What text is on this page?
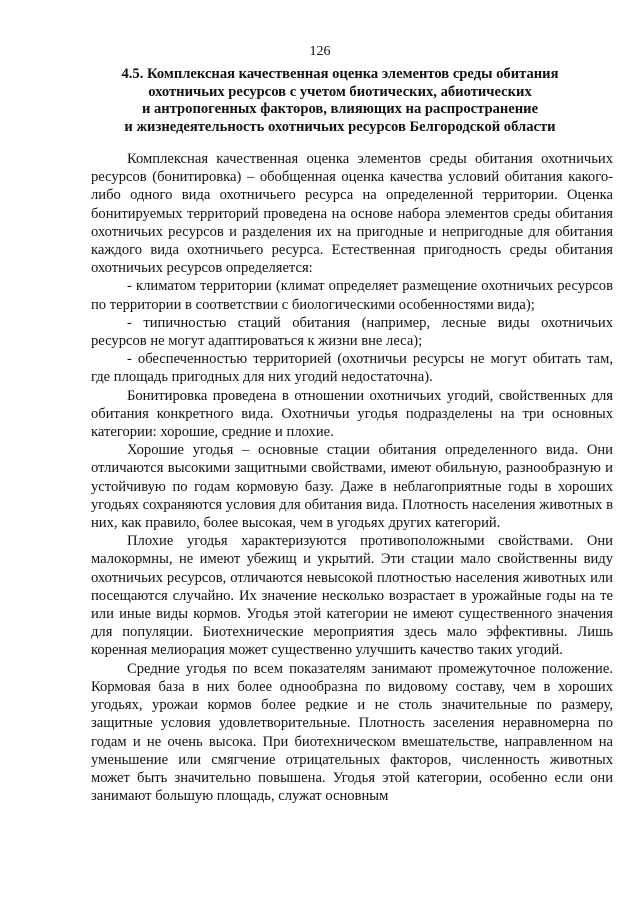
126
4.5. Комплексная качественная оценка элементов среды обитания
охотничьих ресурсов с учетом биотических, абиотических
и антропогенных факторов, влияющих на распространение
и жизнедеятельность охотничьих ресурсов Белгородской области

Комплексная качественная оценка элементов среды обитания охотничьих ресурсов (бонитировка) – обобщенная оценка качества условий обитания какого-либо одного вида охотничьего ресурса на определенной территории. Оценка бонитируемых территорий проведена на основе набора элементов среды обитания охотничьих ресурсов и разделения их на пригодные и непригодные для обитания каждого вида охотничьего ресурса. Естественная пригодность среды обитания охотничьих ресурсов определяется:

- климатом территории (климат определяет размещение охотничьих ресурсов по территории в соответствии с биологическими особенностями вида);

- типичностью стаций обитания (например, лесные виды охотничьих ресурсов не могут адаптироваться к жизни вне леса);

- обеспеченностью территорией (охотничьи ресурсы не могут обитать там, где площадь пригодных для них угодий недостаточна).

Бонитировка проведена в отношении охотничьих угодий, свойственных для обитания конкретного вида. Охотничьи угодья подразделены на три основных категории: хорошие, средние и плохие.

Хорошие угодья – основные стации обитания определенного вида. Они отличаются высокими защитными свойствами, имеют обильную, разнообразную и устойчивую по годам кормовую базу. Даже в неблагоприятные годы в хороших угодьях сохраняются условия для обитания вида. Плотность населения животных в них, как правило, более высокая, чем в угодьях других категорий.

Плохие угодья характеризуются противоположными свойствами. Они малокормны, не имеют убежищ и укрытий. Эти стации мало свойственны виду охотничьих ресурсов, отличаются невысокой плотностью населения животных или посещаются случайно. Их значение несколько возрастает в урожайные годы на те или иные виды кормов. Угодья этой категории не имеют существенного значения для популяции. Биотехнические мероприятия здесь мало эффективны. Лишь коренная мелиорация может существенно улучшить качество таких угодий.

Средние угодья по всем показателям занимают промежуточное положение. Кормовая база в них более однообразна по видовому составу, чем в хороших угодьях, урожаи кормов более редкие и не столь значительные по размеру, защитные условия удовлетворительные. Плотность заселения неравномерна по годам и не очень высока. При биотехническом вмешательстве, направленном на уменьшение или смягчение отрицательных факторов, численность животных может быть значительно повышена. Угодья этой категории, особенно если они занимают большую площадь, служат основным
